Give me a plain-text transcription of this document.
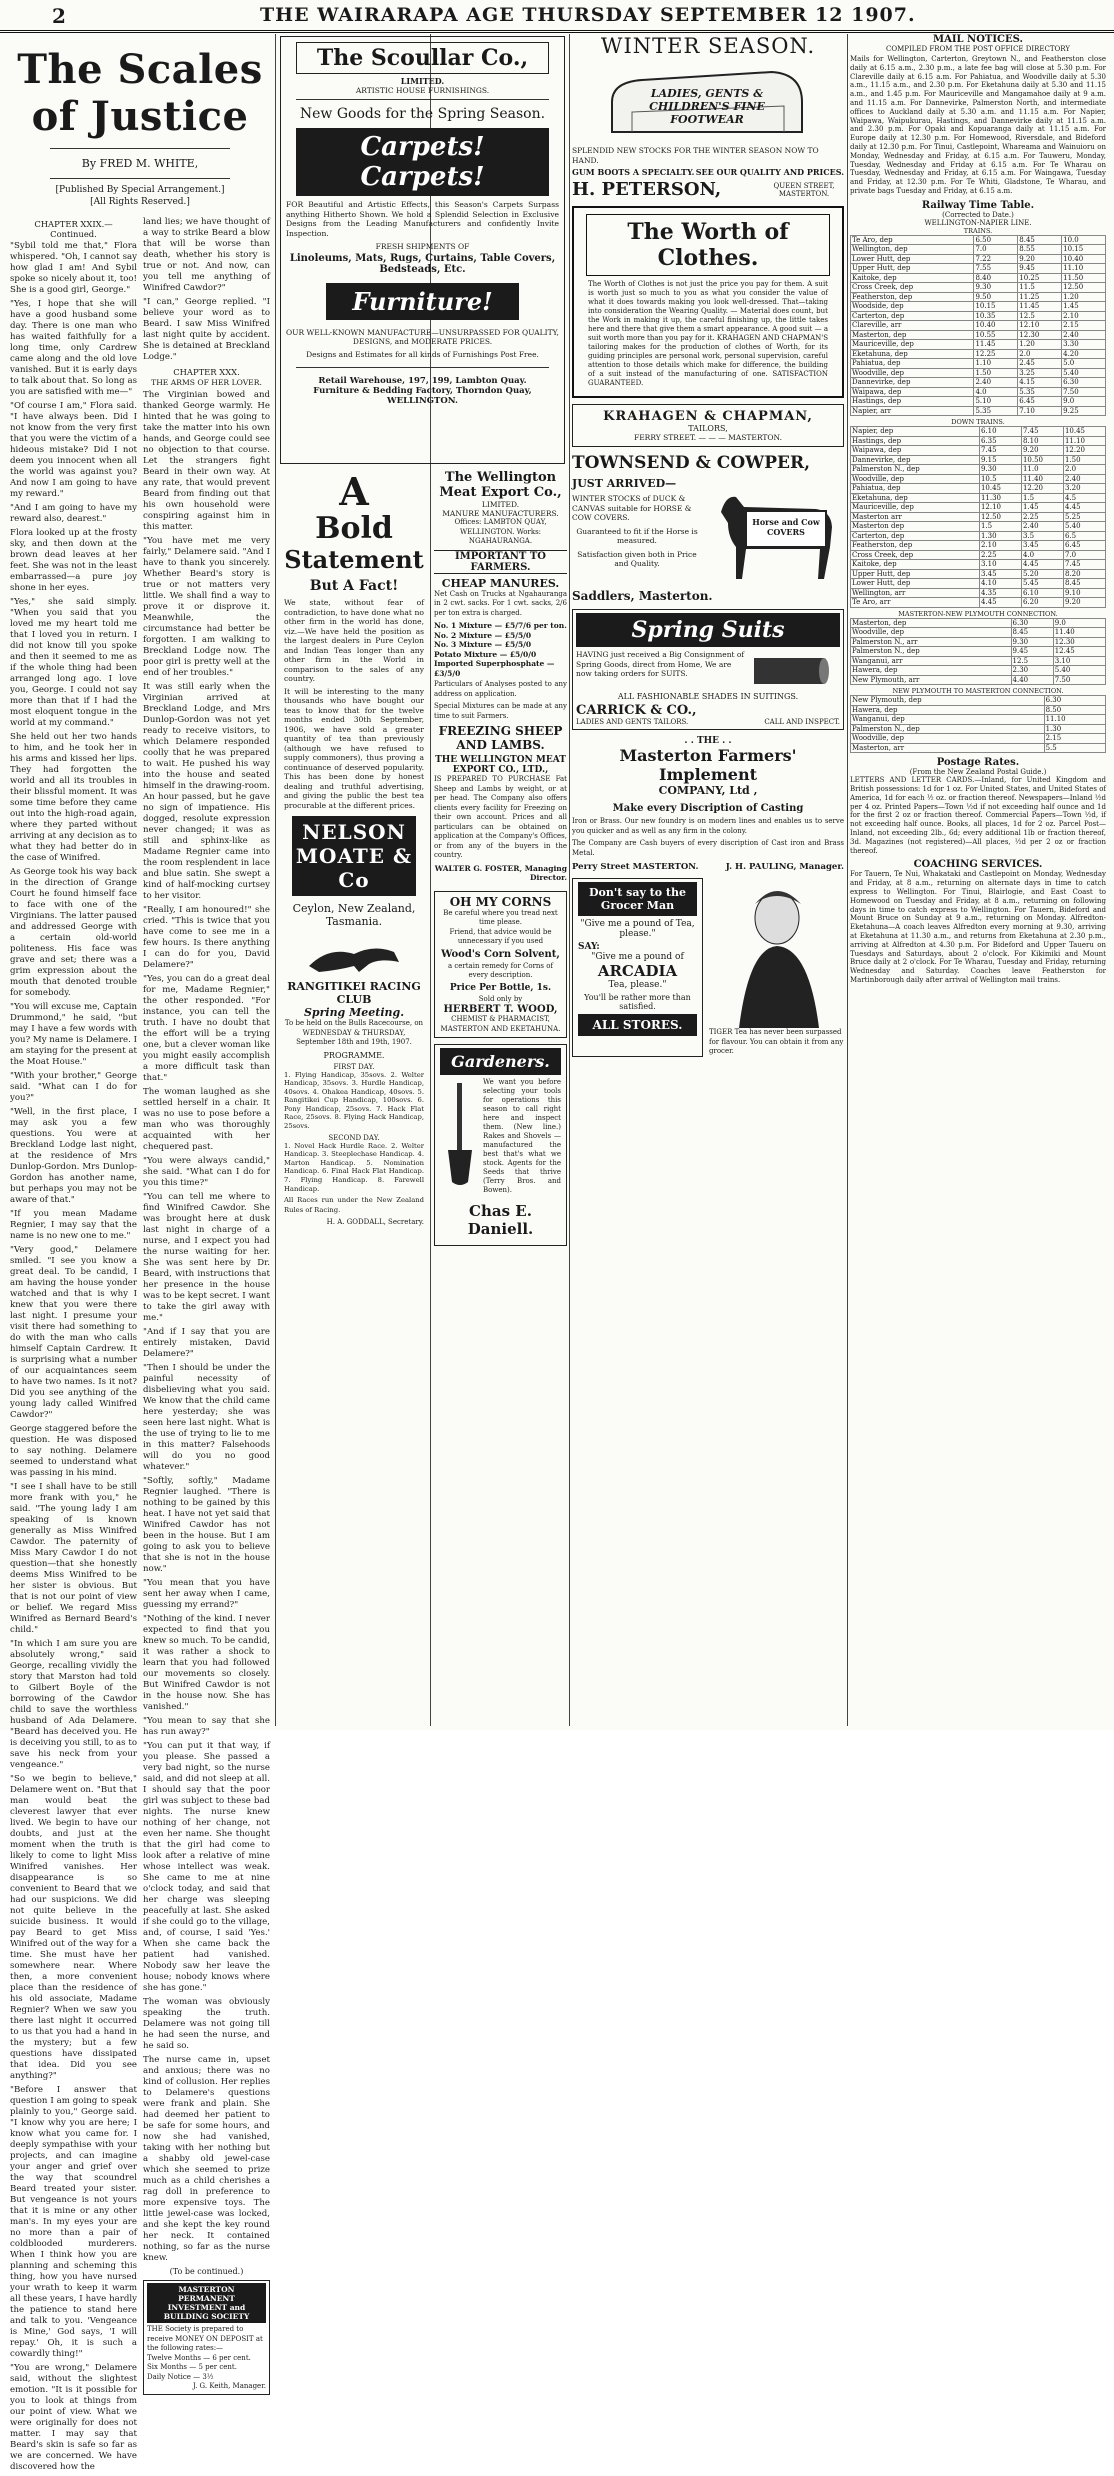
2	THE WAIRARAPA AGE THURSDAY SEPTEMBER 12 1907.
The Scales of Justice
By FRED M. WHITE,
[Published By Special Arrangement.]
[All Rights Reserved.]
CHAPTER XXIX.— Continued.

"Sybil told me that," Flora whispered. "Oh, I cannot say how glad I am! And Sybil spoke so nicely about it, too! She is a good girl, George."

"Yes, I hope that she will have a good husband some day. There is one man who has waited faithfully for a long time, only Cardrew came along and the old love vanished. But it is early days to talk about that. So long as you are satisfied with me—"

"Of course I am," Flora said. "I have always been. Did I not know from the very first that you were the victim of a hideous mistake? Did I not deem you innocent when all the world was against you? And now I am going to have my reward."

"And I am going to have my reward also, dearest."

Flora looked up at the frosty sky, and then down at the brown dead leaves at her feet. She was not in the least embarrassed—a pure joy shone in her eyes.

"Yes," she said simply. "When you said that you loved me my heart told me that I loved you in return. I did not know till you spoke and then it seemed to me as if the whole thing had been arranged long ago. I love you, George. I could not say more than that if I had the most eloquent tongue in the world at my command."

She held out her two hands to him, and he took her in his arms and kissed her lips. They had forgotten the world and all its troubles in their blissful moment. It was some time before they came out into the high-road again, where they parted without arriving at any decision as to what they had better do in the case of Winifred.

As George took his way back in the direction of Grange Court he found himself face to face with one of the Virginians. The latter paused and addressed George with a certain old-world politeness. His face was grave and set; there was a grim expression about the mouth that denoted trouble for somebody.

"You will excuse me, Captain Drummond," he said, "but may I have a few words with you? My name is Delamere. I am staying for the present at the Moat House."

"With your brother," George said. "What can I do for you?"

"Well, in the first place, I may ask you a few questions. You were at Breckland Lodge last night, at the residence of Mrs Dunlop-Gordon. Mrs Dunlop-Gordon has another name, but perhaps you may not be aware of that."

"If you mean Madame Regnier, I may say that the name is no new one to me."

"Very good," Delamere smiled. "I see you know a great deal. To be candid, I am having the house yonder watched and that is why I knew that you were there last night. I presume your visit there had something to do with the man who calls himself Captain Cardrew. It is surprising what a number of our acquaintances seem to have two names. Is it not? Did you see anything of the young lady called Winifred Cawdor?"

George staggered before the question. He was disposed to say nothing. Delamere seemed to understand what was passing in his mind.

"I see I shall have to be still more frank with you," he said. "The young lady I am speaking of is known generally as Miss Winifred Cawdor. The paternity of Miss Mary Cawdor I do not question—that she honestly deems Miss Winifred to be her sister is obvious. But that is not our point of view or belief. We regard Miss Winifred as Bernard Beard's child."

"In which I am sure you are absolutely wrong," said George, recalling vividly the story that Marston had told to Gilbert Boyle of the borrowing of the Cawdor child to save the worthless husband of Ada Delamere. "Beard has deceived you. He is deceiving you still, to as to save his neck from your vengeance."

"So we begin to believe," Delamere went on. "But that man would beat the cleverest lawyer that ever lived. We begin to have our doubts, and just at the moment when the truth is likely to come to light Miss Winifred vanishes. Her disappearance is so convenient to Beard that we had our suspicions. We did not quite believe in the suicide business. It would pay Beard to get Miss Winifred out of the way for a time. She must have her somewhere near. Where then, a more convenient place than the residence of his old associate, Madame Regnier? When we saw you there last night it occurred to us that you had a hand in the mystery; but a few questions have dissipated that idea. Did you see anything?"

"Before I answer that question I am going to speak plainly to you," George said. "I know why you are here; I know what you came for. I deeply sympathise with your projects, and can imagine your anger and grief over the way that scoundrel Beard treated your sister. But vengeance is not yours that it is mine or any other man's. In my eyes your are no more than a pair of coldblooded murderers. When I think how you are planning and scheming this thing, how you have nursed your wrath to keep it warm all these years, I have hardly the patience to stand here and talk to you. 'Vengeance is Mine,' God says, 'I will repay.' Oh, it is such a cowardly thing!"

"You are wrong," Delamere said, without the slightest emotion. "It is it possible for you to look at things from our point of view. What we were originally for does not matter. I may say that Beard's skin is safe so far as we are concerned. We have discovered how the

land lies; we have thought of a way to strike Beard a blow that will be worse than death, whether his story is true or not. And now, can you tell me anything of Winifred Cawdor?"

"I can," George replied. "I believe your word as to Beard. I saw Miss Winifred last night quite by accident. She is detained at Breckland Lodge."

CHAPTER XXX.
THE ARMS OF HER LOVER.

The Virginian bowed and thanked George warmly. He hinted that he was going to take the matter into his own hands, and George could see no objection to that course. Let the strangers fight Beard in their own way. At any rate, that would prevent Beard from finding out that his own household were conspiring against him in this matter.

"You have met me very fairly," Delamere said. "And I have to thank you sincerely. Whether Beard's story is true or not matters very little. We shall find a way to prove it or disprove it. Meanwhile, the circumstance had better be forgotten. I am walking to Breckland Lodge now. The poor girl is pretty well at the end of her troubles."

It was still early when the Virginian arrived at Breckland Lodge, and Mrs Dunlop-Gordon was not yet ready to receive visitors, to which Delamere responded coolly that he was prepared to wait. He pushed his way into the house and seated himself in the drawing-room. An hour passed, but he gave no sign of impatience. His dogged, resolute expression never changed; it was as still and sphinx-like as Madame Regnier came into the room resplendent in lace and blue satin. She swept a kind of half-mocking curtsey to her visitor.

"Really, I am honoured!" she cried. "This is twice that you have come to see me in a few hours. Is there anything I can do for you, David Delamere?"

"Yes, you can do a great deal for me, Madame Regnier," the other responded. "For instance, you can tell the truth. I have no doubt that the effort will be a trying one, but a clever woman like you might easily accomplish a more difficult task than that."

The woman laughed as she settled herself in a chair. It was no use to pose before a man who was thoroughly acquainted with her chequered past.

"You were always candid," she said. "What can I do for you this time?"

"You can tell me where to find Winifred Cawdor. She was brought here at dusk last night in charge of a nurse, and I expect you had the nurse waiting for her. She was sent here by Dr. Beard, with instructions that her presence in the house was to be kept secret. I want to take the girl away with me."

"And if I say that you are entirely mistaken, David Delamere?"

"Then I should be under the painful necessity of disbelieving what you said. We know that the child came here yesterday; she was seen here last night. What is the use of trying to lie to me in this matter? Falsehoods will do you no good whatever."

"Softly, softly," Madame Regnier laughed. "There is nothing to be gained by this heat. I have not yet said that Winifred Cawdor has not been in the house. But I am going to ask you to believe that she is not in the house now."

"You mean that you have sent her away when I came, guessing my errand?"

"Nothing of the kind. I never expected to find that you knew so much. To be candid, it was rather a shock to learn that you had followed our movements so closely. But Winifred Cawdor is not in the house now. She has vanished."

"You mean to say that she has run away?"

"You can put it that way, if you please. She passed a very bad night, so the nurse said, and did not sleep at all. I should say that the poor girl was subject to these bad nights. The nurse knew nothing of her change, not even her name. She thought that the girl had come to look after a relative of mine whose intellect was weak. She came to me at nine o'clock today, and said that her charge was sleeping peacefully at last. She asked if she could go to the village, and, of course, I said 'Yes.' When she came back the patient had vanished. Nobody saw her leave the house; nobody knows where she has gone."

The woman was obviously speaking the truth. Delamere was not going till he had seen the nurse, and he said so.

The nurse came in, upset and anxious; there was no kind of collusion. Her replies to Delamere's questions were frank and plain. She had deemed her patient to be safe for some hours, and now she had vanished, taking with her nothing but a shabby old jewel-case which she seemed to prize much as a child cherishes a rag doll in preference to more expensive toys. The little jewel-case was locked, and she kept the key round her neck. It contained nothing, so far as the nurse knew.

(To be continued.)
MASTERTON PERMANENT INVESTMENT and BUILDING SOCIETY
THE Society is prepared to receive MONEY ON DEPOSIT at the following rates:—
Twelve Months — 6 per cent.
Six Months — 5 per cent.
Daily Notice — 3½
J. G. Keith, Manager.
The Scoullar Co.,
LIMITED.
ARTISTIC HOUSE FURNISHINGS.
New Goods for the Spring Season.
Carpets! Carpets!
FOR Beautiful and Artistic Effects, this Season's Carpets Surpass anything Hitherto Shown. We hold a Splendid Selection in Exclusive Designs from the Leading Manufacturers and confidently Invite Inspection.
FRESH SHIPMENTS OF
Linoleums, Mats, Rugs, Curtains, Table Covers, Bedsteads, Etc.
Furniture!
OUR WELL-KNOWN MANUFACTURE—UNSURPASSED FOR QUALITY, DESIGNS, and MODERATE PRICES.
Designs and Estimates for all kinds of Furnishings Post Free.
Retail Warehouse, 197, 199, Lambton Quay.
Furniture & Bedding Factory, Thorndon Quay, WELLINGTON.
A
Bold
Statement
But A Fact!
We state, without fear of contradiction, to have done what no other firm in the world has done, viz.—We have held the position as the largest dealers in Pure Ceylon and Indian Teas longer than any other firm in the World in comparison to the sales of any country.
It will be interesting to the many thousands who have bought our teas to know that for the twelve months ended 30th September, 1906, we have sold a greater quantity of tea than previously (although we have refused to supply commoners), thus proving a continuance of deserved popularity. This has been done by honest dealing and truthful advertising, and giving the public the best tea procurable at the different prices.
NELSON MOATE & Co
Ceylon, New Zealand, Tasmania.
RANGITIKEI RACING CLUB
Spring Meeting.
To be held on the Bulls Racecourse, on WEDNESDAY & THURSDAY, September 18th and 19th, 1907.
PROGRAMME.
FIRST DAY.
1. Flying Handicap, 35sovs. 2. Welter Handicap, 35sovs. 3. Hurdle Handicap, 40sovs. 4. Ohakea Handicap, 40sovs. 5. Rangitikei Cup Handicap, 100sovs. 6. Pony Handicap, 25sovs. 7. Hack Flat Race, 25sovs. 8. Flying Hack Handicap, 25sovs.
SECOND DAY.
1. Novel Hack Hurdle Race. 2. Welter Handicap. 3. Steeplechase Handicap. 4. Marton Handicap. 5. Nomination Handicap. 6. Final Hack Flat Handicap. 7. Flying Handicap. 8. Farewell Handicap.
All Races run under the New Zealand Rules of Racing.
H. A. GODDALL, Secretary.
The Wellington Meat Export Co.,
LIMITED.
MANURE MANUFACTURERS.
Offices: LAMBTON QUAY, WELLINGTON. Works: NGAHAURANGA.
IMPORTANT TO FARMERS.
CHEAP MANURES.
Net Cash on Trucks at Ngahauranga in 2 cwt. sacks. For 1 cwt. sacks, 2/6 per ton extra is charged.
No. 1 Mixture — £5/7/6 per ton.
No. 2 Mixture — £5/5/0
No. 3 Mixture — £5/5/0
Potato Mixture — £5/0/0
Imported Superphosphate — £3/5/0
Particulars of Analyses posted to any address on application.
Special Mixtures can be made at any time to suit Farmers.
FREEZING SHEEP AND LAMBS.
THE WELLINGTON MEAT EXPORT CO., LTD.,
IS PREPARED TO PURCHASE Fat Sheep and Lambs by weight, or at per head. The Company also offers clients every facility for Freezing on their own account. Prices and all particulars can be obtained on application at the Company's Offices, or from any of the buyers in the country.
WALTER G. FOSTER, Managing Director.
OH MY CORNS
Be careful where you tread next time please.
Friend, that advice would be unnecessary if you used
Wood's Corn Solvent,
a certain remedy for Corns of every description.
Price Per Bottle, 1s.
Sold only by
HERBERT T. WOOD,
CHEMIST & PHARMACIST,
MASTERTON AND EKETAHUNA.
Gardeners.
We want you before selecting your tools for operations this season to call right here and inspect them. (New line.) Rakes and Shovels — manufactured the best that's what we stock. Agents for the Seeds that thrive (Terry Bros. and Bowen).
Chas E. Daniell.
WINTER SEASON.
LADIES, GENTS & CHILDREN'S FINE FOOTWEAR
SPLENDID NEW STOCKS FOR THE WINTER SEASON NOW TO HAND.
GUM BOOTS A SPECIALTY. SEE OUR QUALITY AND PRICES.
H. PETERSON,	QUEEN STREET, MASTERTON.
The Worth of Clothes.
The Worth of Clothes is not just the price you pay for them. A suit is worth just so much to you as what you consider the value of what it does towards making you look well-dressed. That—taking into consideration the Wearing Quality. — Material does count, but the Work in making it up, the careful finishing up, the little takes here and there that give them a smart appearance. A good suit — a suit worth more than you pay for it. KRAHAGEN AND CHAPMAN'S tailoring makes for the production of clothes of Worth, for its guiding principles are personal work, personal supervision, careful attention to those details which make for difference, the building of a suit instead of the manufacturing of one. SATISFACTION GUARANTEED.
KRAHAGEN & CHAPMAN,
TAILORS,
FERRY STREET. — — — MASTERTON.
TOWNSEND & COWPER,
JUST ARRIVED—
WINTER STOCKS of DUCK & CANVAS suitable for HORSE & COW COVERS.
Guaranteed to fit if the Horse is measured.
Satisfaction given both in Price and Quality.
Horse and Cow COVERS
Saddlers, Masterton.
Spring Suits
HAVING just received a Big Consignment of Spring Goods, direct from Home, We are now taking orders for SUITS.
ALL FASHIONABLE SHADES IN SUITINGS.
CARRICK & CO.,
LADIES AND GENTS TAILORS.	CALL AND INSPECT.
. . THE . .
Masterton Farmers' Implement
COMPANY, Ltd ,
Make every Discription of Casting
Iron or Brass. Our new foundry is on modern lines and enables us to serve you quicker and as well as any firm in the colony.
The Company are Cash buyers of every discription of Cast iron and Brass Metal.
Perry Street MASTERTON.	J. H. PAULING, Manager.
Don't say to the Grocer Man
"Give me a pound of Tea, please."
SAY:
"Give me a pound of
ARCADIA
Tea, please."
You'll be rather more than satisfied.
ALL STORES.	TIGER Tea has never been surpassed for flavour. You can obtain it from any grocer.
MAIL NOTICES.
COMPILED FROM THE POST OFFICE DIRECTORY
Mails for Wellington, Carterton, Greytown N., and Featherston close daily at 6.15 a.m., 2.30 p.m., a late fee bag will close at 5.30 p.m. For Clareville daily at 6.15 a.m. For Pahiatua, and Woodville daily at 5.30 a.m., 11.15 a.m., and 2.30 p.m. For Eketahuna daily at 5.30 and 11.15 a.m., and 1.45 p.m. For Mauriceville and Mangamahoe daily at 9 a.m. and 11.15 a.m. For Dannevirke, Palmerston North, and intermediate offices to Auckland daily at 5.30 a.m. and 11.15 a.m. For Napier, Waipawa, Waipukurau, Hastings, and Dannevirke daily at 11.15 a.m. and 2.30 p.m. For Opaki and Kopuaranga daily at 11.15 a.m. For Europe daily at 12.30 p.m. For Homewood, Riversdale, and Bideford daily at 12.30 p.m. For Tinui, Castlepoint, Whareama and Wainuioru on Monday, Wednesday and Friday, at 6.15 a.m. For Tauweru, Monday, Tuesday, Wednesday and Friday at 6.15 a.m. For Te Wharau on Tuesday, Wednesday and Friday, at 6.15 a.m. For Waingawa, Tuesday and Friday, at 12.30 p.m. For Te Whiti, Gladstone, Te Wharau, and private bags Tuesday and Friday, at 6.15 a.m.
Railway Time Table.
(Corrected to Date.)
WELLINGTON-NAPIER LINE.
TRAINS.
Te Aro, dep	6.50	8.45	10.0
Wellington, dep	7.0	8.55	10.15
Lower Hutt, dep	7.22	9.20	10.40
Upper Hutt, dep	7.55	9.45	11.10
Kaitoke, dep	8.40	10.25	11.50
Cross Creek, dep	9.30	11.5	12.50
Featherston, dep	9.50	11.25	1.20
Woodside, dep	10.15	11.45	1.45
Carterton, dep	10.35	12.5	2.10
Clareville, arr	10.40	12.10	2.15
Masterton, dep	10.55	12.30	2.40
Mauriceville, dep	11.45	1.20	3.30
Eketahuna, dep	12.25	2.0	4.20
Pahiatua, dep	1.10	2.45	5.0
Woodville, dep	1.50	3.25	5.40
Dannevirke, dep	2.40	4.15	6.30
Waipawa, dep	4.0	5.35	7.50
Hastings, dep	5.10	6.45	9.0
Napier, arr	5.35	7.10	9.25
DOWN TRAINS.
Napier, dep	6.10	7.45	10.45
Hastings, dep	6.35	8.10	11.10
Waipawa, dep	7.45	9.20	12.20
Dannevirke, dep	9.15	10.50	1.50
Palmerston N., dep	9.30	11.0	2.0
Woodville, dep	10.5	11.40	2.40
Pahiatua, dep	10.45	12.20	3.20
Eketahuna, dep	11.30	1.5	4.5
Mauriceville, dep	12.10	1.45	4.45
Masterton arr	12.50	2.25	5.25
Masterton dep	1.5	2.40	5.40
Carterton, dep	1.30	3.5	6.5
Featherston, dep	2.10	3.45	6.45
Cross Creek, dep	2.25	4.0	7.0
Kaitoke, dep	3.10	4.45	7.45
Upper Hutt, dep	3.45	5.20	8.20
Lower Hutt, dep	4.10	5.45	8.45
Wellington, arr	4.35	6.10	9.10
Te Aro, arr	4.45	6.20	9.20
MASTERTON-NEW PLYMOUTH CONNECTION.
Masterton, dep	6.30	9.0
Woodville, dep	8.45	11.40
Palmerston N., arr	9.30	12.30
Palmerston N., dep	9.45	12.45
Wanganui, arr	12.5	3.10
Hawera, dep	2.30	5.40
New Plymouth, arr	4.40	7.50
NEW PLYMOUTH TO MASTERTON CONNECTION.
New Plymouth, dep	6.30
Hawera, dep	8.50
Wanganui, dep	11.10
Palmerston N., dep	1.30
Woodville, dep	2.15
Masterton, arr	5.5
Postage Rates.
(From the New Zealand Postal Guide.)
LETTERS AND LETTER CARDS.—Inland, for United Kingdom and British possessions: 1d for 1 oz. For United States, and United States of America, 1d for each ½ oz. or fraction thereof. Newspapers—Inland ½d per 4 oz. Printed Papers—Town ½d if not exceeding half ounce and 1d for the first 2 oz or fraction thereof. Commercial Papers—Town ½d, if not exceeding half ounce. Books, all places, 1d for 2 oz. Parcel Post—Inland, not exceeding 2lb., 6d; every additional 1lb or fraction thereof, 3d. Magazines (not registered)—All places, ½d per 2 oz or fraction thereof.
COACHING SERVICES.
For Tauern, Te Nui, Whakataki and Castlepoint on Monday, Wednesday and Friday, at 8 a.m., returning on alternate days in time to catch express to Wellington. For Tinui, Blairlogie, and East Coast to Homewood on Tuesday and Friday, at 8 a.m., returning on following days in time to catch express to Wellington. For Tauern, Bideford and Mount Bruce on Sunday at 9 a.m., returning on Monday. Alfredton-Eketahuna—A coach leaves Alfredton every morning at 9.30, arriving at Eketahuna at 11.30 a.m., and returns from Eketahuna at 2.30 p.m., arriving at Alfredton at 4.30 p.m. For Bideford and Upper Taueru on Tuesdays and Saturdays, about 2 o'clock. For Kikimiki and Mount Bruce daily at 2 o'clock. For Te Wharau, Tuesday and Friday, returning Wednesday and Saturday. Coaches leave Featherston for Martinborough daily after arrival of Wellington mail trains.
